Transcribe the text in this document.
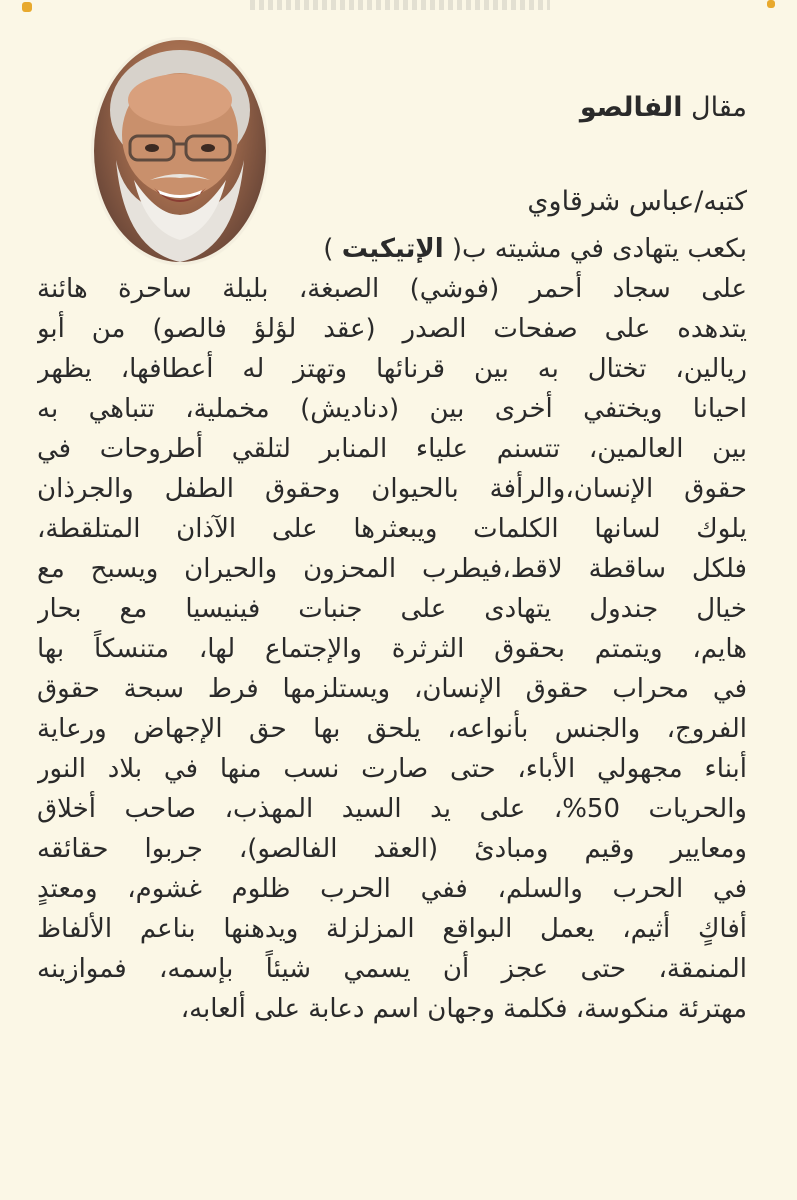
مقال الفالصو
كتبه/عباس شرقاوي
بكعب يتهادى في مشيته ب( الإتيكيت )
على سجاد أحمر (فوشي) الصبغة، بليلة ساحرة هائنة
يتدهده على صفحات الصدر (عقد لؤلؤ فالصو) من أبو
ريالين، تختال به بين قرنائها وتهتز له أعطافها، يظهر
احيانا ويختفي أخرى بين (دناديش) مخملية، تتباهي به
بين العالمين، تتسنم علياء المنابر لتلقي أطروحات في
حقوق الإنسان،والرأفة بالحيوان وحقوق الطفل والجرذان
يلوك لسانها الكلمات ويبعثرها على الآذان المتلقطة،
فلكل ساقطة لاقط،فيطرب المحزون والحيران ويسبح مع
خيال جندول يتهادى على جنبات فينيسيا مع بحار
هايم، ويتمتم بحقوق الثرثرة والإجتماع لها، متنسكاً بها
في محراب حقوق الإنسان، ويستلزمها فرط سبحة حقوق
الفروج، والجنس بأنواعه، يلحق بها حق الإجهاض ورعاية
أبناء مجهولي الأباء، حتى صارت نسب منها في بلاد النور
والحريات 50%، على يد السيد المهذب، صاحب أخلاق
ومعايير وقيم ومبادئ (العقد الفالصو)، جربوا حقائقه
في الحرب والسلم، ففي الحرب ظلوم غشوم، ومعتدٍ
أفاكٍ أثيم، يعمل البواقع المزلزلة ويدهنها بناعم الألفاظ
المنمقة، حتى عجز أن يسمي شيئاً بإسمه، فموازينه
مهترئة منكوسة، فكلمة وجهان اسم دعابة على ألعابه،
